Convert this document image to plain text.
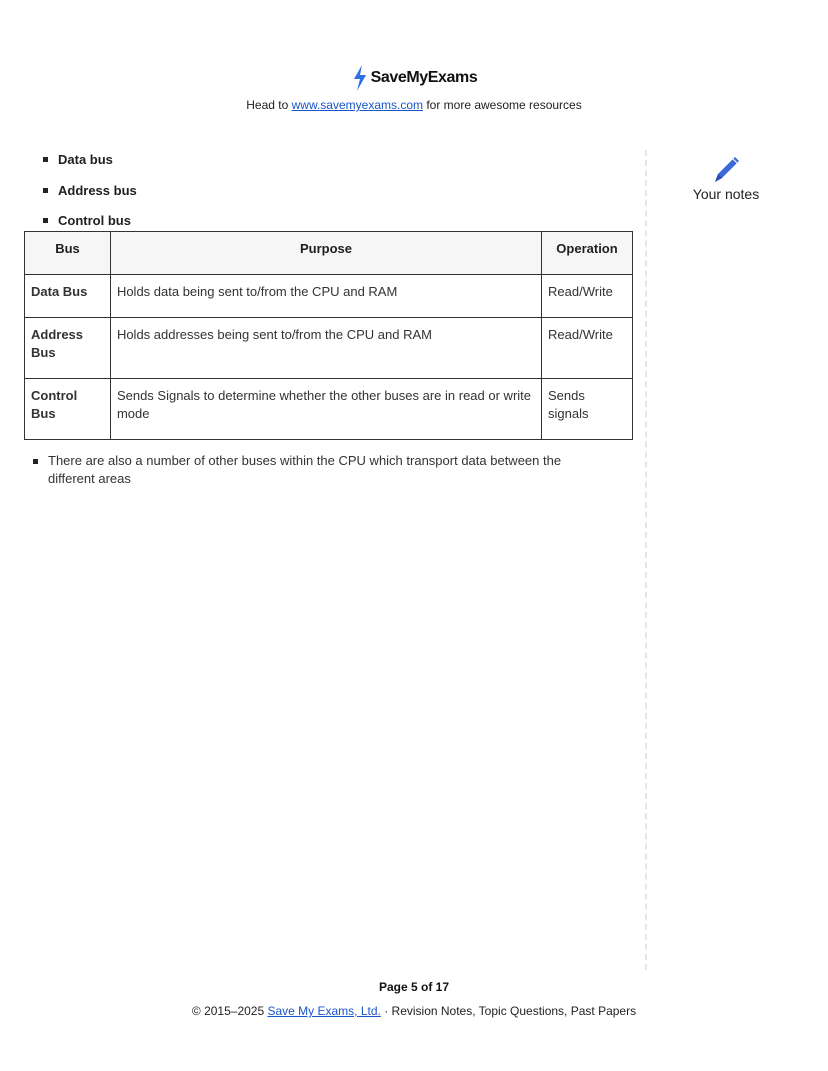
SaveMyExams
Head to www.savemyexams.com for more awesome resources
Data bus
Address bus
Control bus
Bus	Purpose	Operation
Data Bus	Holds data being sent to/from the CPU and RAM	Read/Write
Address Bus	Holds addresses being sent to/from the CPU and RAM	Read/Write
Control Bus	Sends Signals to determine whether the other buses are in read or write mode	Sends signals
There are also a number of other buses within the CPU which transport data between the different areas
Your notes
Page 5 of 17
© 2015–2025 Save My Exams, Ltd. · Revision Notes, Topic Questions, Past Papers
